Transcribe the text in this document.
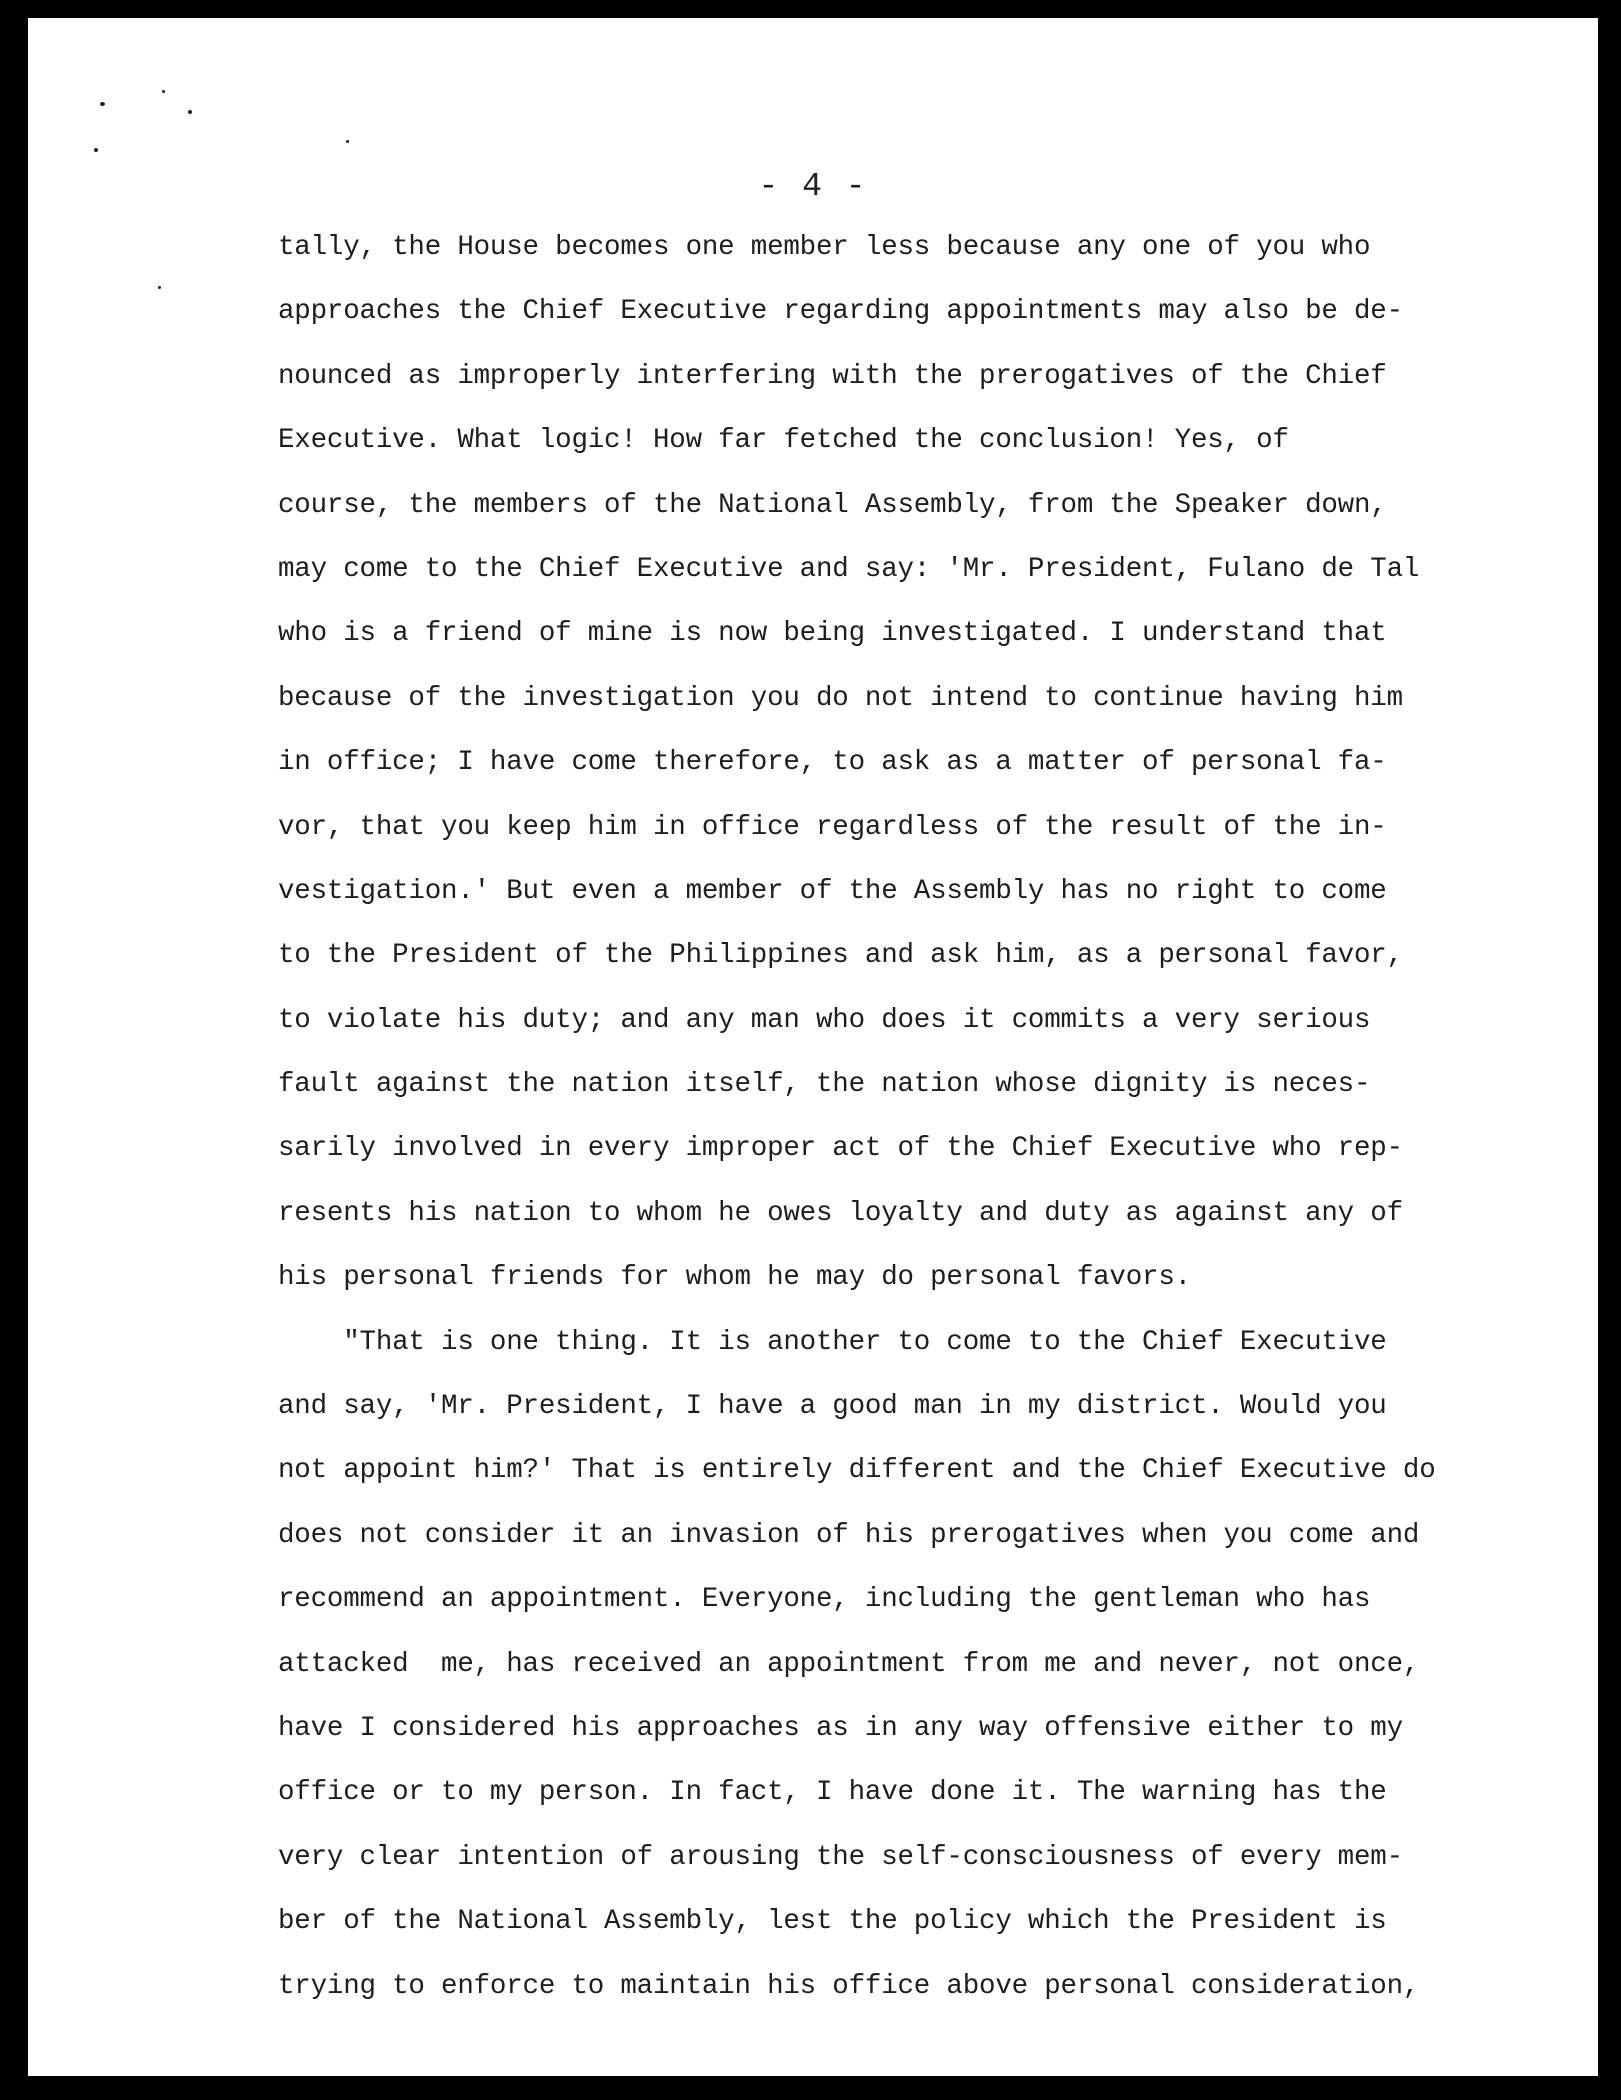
- 4 -
tally, the House becomes one member less because any one of you who
approaches the Chief Executive regarding appointments may also be de-
nounced as improperly interfering with the prerogatives of the Chief
Executive. What logic! How far fetched the conclusion! Yes, of
course, the members of the National Assembly, from the Speaker down,
may come to the Chief Executive and say: 'Mr. President, Fulano de Tal
who is a friend of mine is now being investigated. I understand that
because of the investigation you do not intend to continue having him
in office; I have come therefore, to ask as a matter of personal fa-
vor, that you keep him in office regardless of the result of the in-
vestigation.' But even a member of the Assembly has no right to come
to the President of the Philippines and ask him, as a personal favor,
to violate his duty; and any man who does it commits a very serious
fault against the nation itself, the nation whose dignity is neces-
sarily involved in every improper act of the Chief Executive who rep-
resents his nation to whom he owes loyalty and duty as against any of
his personal friends for whom he may do personal favors.
"That is one thing. It is another to come to the Chief Executive
and say, 'Mr. President, I have a good man in my district. Would you
not appoint him?' That is entirely different and the Chief Executive do
does not consider it an invasion of his prerogatives when you come and
recommend an appointment. Everyone, including the gentleman who has
attacked  me, has received an appointment from me and never, not once,
have I considered his approaches as in any way offensive either to my
office or to my person. In fact, I have done it. The warning has the
very clear intention of arousing the self-consciousness of every mem-
ber of the National Assembly, lest the policy which the President is
trying to enforce to maintain his office above personal consideration,
